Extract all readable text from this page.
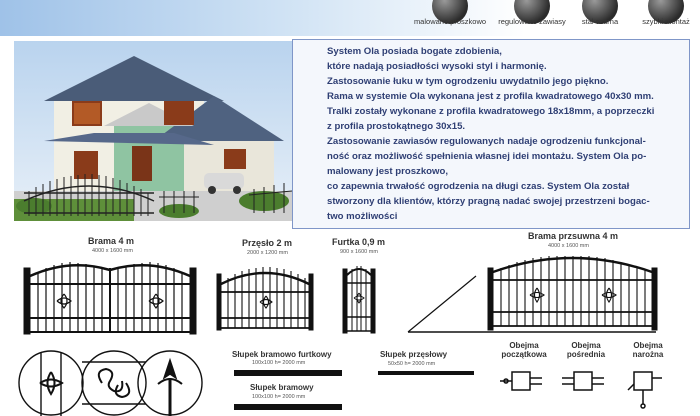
malowane proszkowo	regulowane zawiasy	stal czarna	szybki montaż

System Ola posiada bogate zdobienia,

które nadają posiadłości wysoki styl i harmonię.

Zastosowanie łuku w tym ogrodzeniu uwydatnilo jego piękno.

Rama w systemie Ola wykonana jest z profila kwadratowego 40x30 mm.

Tralki zostały wykonane z profila kwadratowego 18x18mm, a poprzeczki

z profila prostokątnego 30x15.

Zastosowanie zawiasów regulowanych nadaje ogrodzeniu funkcjonal-

ność oraz możliwość spełnienia własnej idei montażu. System Ola po-

malowany jest proszkowo,

co zapewnia trwałość ogrodzenia na długi czas. System Ola został

stworzony dla klientów, którzy pragną nadać swojej przestrzeni bogac-

two możliwości

Brama 4 m
4000 x 1600 mm
Przęsło 2 m
2000 x 1200 mm
Furtka 0,9 m
900 x 1600 mm
Brama przsuwna 4 m
4000 x 1600 mm
Słupek bramowo furtkowy
100x100 h= 2000 mm
Słupek bramowy
100x100 h= 2000 mm
Słupek przęsłowy
50x50 h= 2000 mm
Obejma początkowa
Obejma pośrednia
Obejma narożna
